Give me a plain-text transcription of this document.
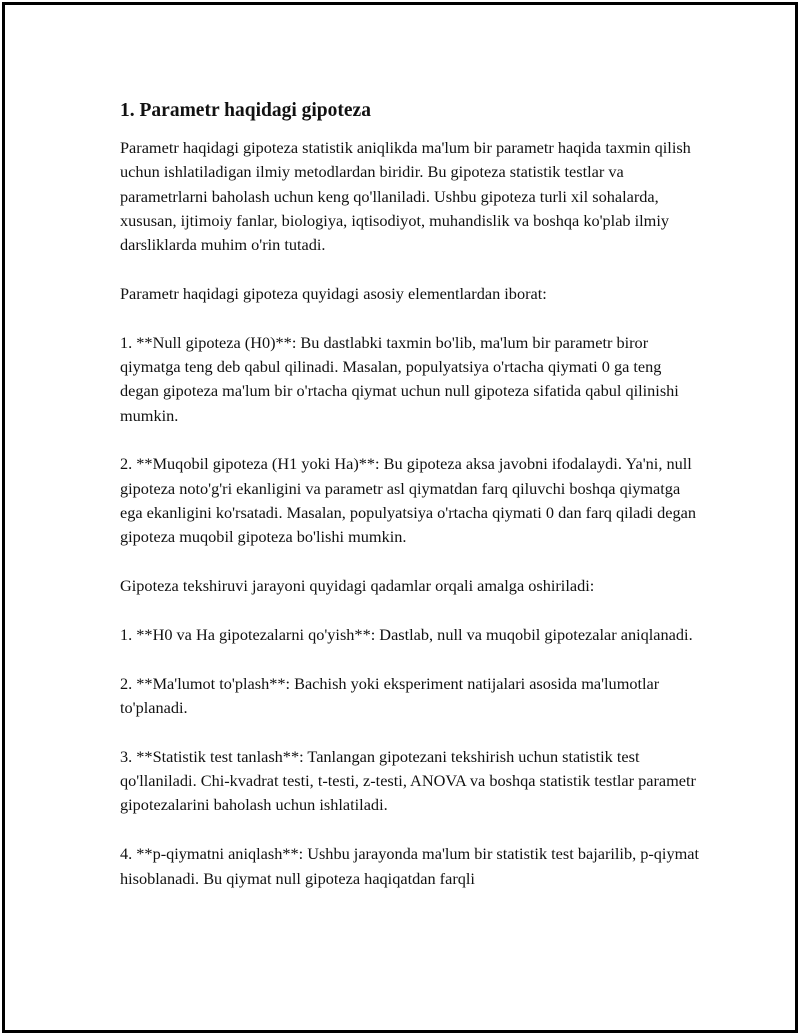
1. Parametr haqidagi gipoteza

Parametr haqidagi gipoteza statistik aniqlikda ma'lum bir parametr haqida taxmin qilish uchun ishlatiladigan ilmiy metodlardan biridir. Bu gipoteza statistik testlar va parametrlarni baholash uchun keng qo'llaniladi. Ushbu gipoteza turli xil sohalarda, xususan, ijtimoiy fanlar, biologiya, iqtisodiyot, muhandislik va boshqa ko'plab ilmiy darsliklarda muhim o'rin tutadi.

Parametr haqidagi gipoteza quyidagi asosiy elementlardan iborat:

1. **Null gipoteza (H0)**: Bu dastlabki taxmin bo'lib, ma'lum bir parametr biror qiymatga teng deb qabul qilinadi. Masalan, populyatsiya o'rtacha qiymati 0 ga teng degan gipoteza ma'lum bir o'rtacha qiymat uchun null gipoteza sifatida qabul qilinishi mumkin.

2. **Muqobil gipoteza (H1 yoki Ha)**: Bu gipoteza aksa javobni ifodalaydi. Ya'ni, null gipoteza noto'g'ri ekanligini va parametr asl qiymatdan farq qiluvchi boshqa qiymatga ega ekanligini ko'rsatadi. Masalan, populyatsiya o'rtacha qiymati 0 dan farq qiladi degan gipoteza muqobil gipoteza bo'lishi mumkin.

Gipoteza tekshiruvi jarayoni quyidagi qadamlar orqali amalga oshiriladi:

1. **H0 va Ha gipotezalarni qo'yish**: Dastlab, null va muqobil gipotezalar aniqlanadi.

2. **Ma'lumot to'plash**: Bachish yoki eksperiment natijalari asosida ma'lumotlar to'planadi.

3. **Statistik test tanlash**: Tanlangan gipotezani tekshirish uchun statistik test qo'llaniladi. Chi-kvadrat testi, t-testi, z-testi, ANOVA va boshqa statistik testlar parametr gipotezalarini baholash uchun ishlatiladi.

4. **p-qiymatni aniqlash**: Ushbu jarayonda ma'lum bir statistik test bajarilib, p-qiymat hisoblanadi. Bu qiymat null gipoteza haqiqatdan farqli
